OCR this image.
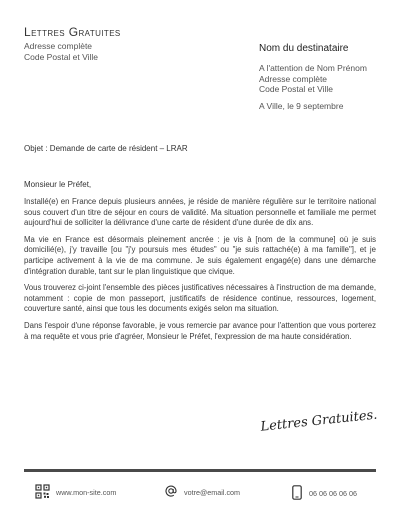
Lettres Gratuites
Adresse complète
Code Postal et Ville
Nom du destinataire
A l'attention de Nom Prénom
Adresse complète
Code Postal et Ville
A Ville, le 9 septembre
Objet : Demande de carte de résident – LRAR
Monsieur le Préfet,

Installé(e) en France depuis plusieurs années, je réside de manière régulière sur le territoire national sous couvert d'un titre de séjour en cours de validité. Ma situation personnelle et familiale me permet aujourd'hui de solliciter la délivrance d'une carte de résident d'une durée de dix ans.

Ma vie en France est désormais pleinement ancrée : je vis à [nom de la commune] où je suis domicilié(e), j'y travaille [ou "j'y poursuis mes études" ou "je suis rattaché(e) à ma famille"], et je participe activement à la vie de ma commune. Je suis également engagé(e) dans une démarche d'intégration durable, tant sur le plan linguistique que civique.

Vous trouverez ci-joint l'ensemble des pièces justificatives nécessaires à l'instruction de ma demande, notamment : copie de mon passeport, justificatifs de résidence continue, ressources, logement, couverture santé, ainsi que tous les documents exigés selon ma situation.

Dans l'espoir d'une réponse favorable, je vous remercie par avance pour l'attention que vous porterez à ma requête et vous prie d'agréer, Monsieur le Préfet, l'expression de ma haute considération.

Lettres Gratuites.
www.mon-site.com	votre@email.com	06 06 06 06 06
